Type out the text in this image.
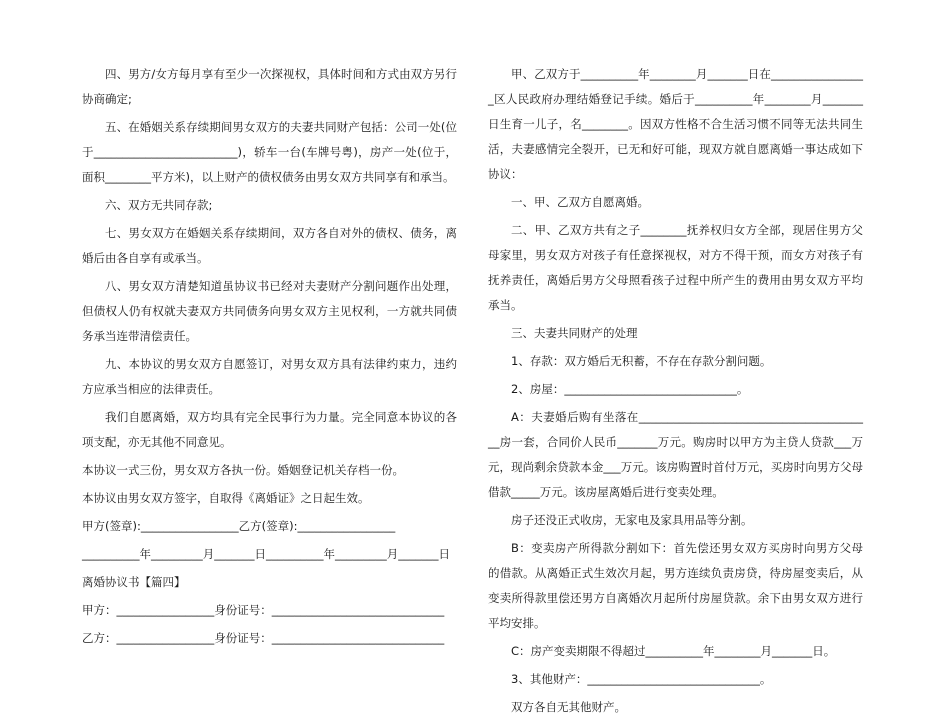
四、男方/女方每月享有至少一次探视权，具体时间和方式由双方另行协商确定;

五、在婚姻关系存续期间男女双方的夫妻共同财产包括：公司一处(位于_________________________)，轿车一台(车牌号粤)，房产一处(位于，面积________平方米)，以上财产的债权债务由男女双方共同享有和承当。

六、双方无共同存款;

七、男女双方在婚姻关系存续期间，双方各自对外的债权、债务，离婚后由各自享有或承当。

八、男女双方清楚知道虽协议书已经对夫妻财产分割问题作出处理，但债权人仍有权就夫妻双方共同债务向男女双方主见权利，一方就共同债务承当连带清偿责任。

九、本协议的男女双方自愿签订，对男女双方具有法律约束力，违约方应承当相应的法律责任。

我们自愿离婚，双方均具有完全民事行为力量。完全同意本协议的各项支配，亦无其他不同意见。

本协议一式三份，男女双方各执一份。婚姻登记机关存档一份。

本协议由男女双方签字，自取得《离婚证》之日起生效。

甲方(签章):_________________乙方(签章):_________________

__________年_________月_______日__________年_________月_______日

离婚协议书【篇四】

甲方：_________________身份证号：______________________________

乙方：_________________身份证号：______________________________

甲、乙双方于__________年________月_______日在_________________区人民政府办理结婚登记手续。婚后于__________年________月_______日生育一儿子，名________。因双方性格不合生活习惯不同等无法共同生活，夫妻感情完全裂开，已无和好可能，现双方就自愿离婚一事达成如下协议：

一、甲、乙双方自愿离婚。

二、甲、乙双方共有之子________抚养权归女方全部，现居住男方父母家里，男女双方对孩子有任意探视权，对方不得干预，而女方对孩子有抚养责任，离婚后男方父母照看孩子过程中所产生的费用由男女双方平均承当。

三、夫妻共同财产的处理

1、存款：双方婚后无积蓄，不存在存款分割问题。

2、房屋：______________________________。

A：夫妻婚后购有坐落在_________________________________________房一套，合同价人民币_______万元。购房时以甲方为主贷人贷款___万元，现尚剩余贷款本金___万元。该房购置时首付万元，买房时向男方父母借款_____万元。该房屋离婚后进行变卖处理。

房子还没正式收房，无家电及家具用品等分割。

B：变卖房产所得款分割如下：首先偿还男女双方买房时向男方父母的借款。从离婚正式生效次月起，男方连续负责房贷，待房屋变卖后，从变卖所得款里偿还男方自离婚次月起所付房屋贷款。余下由男女双方进行平均安排。

C：房产变卖期限不得超过__________年________月_______日。

3、其他财产：______________________________。

双方各自无其他财产。
